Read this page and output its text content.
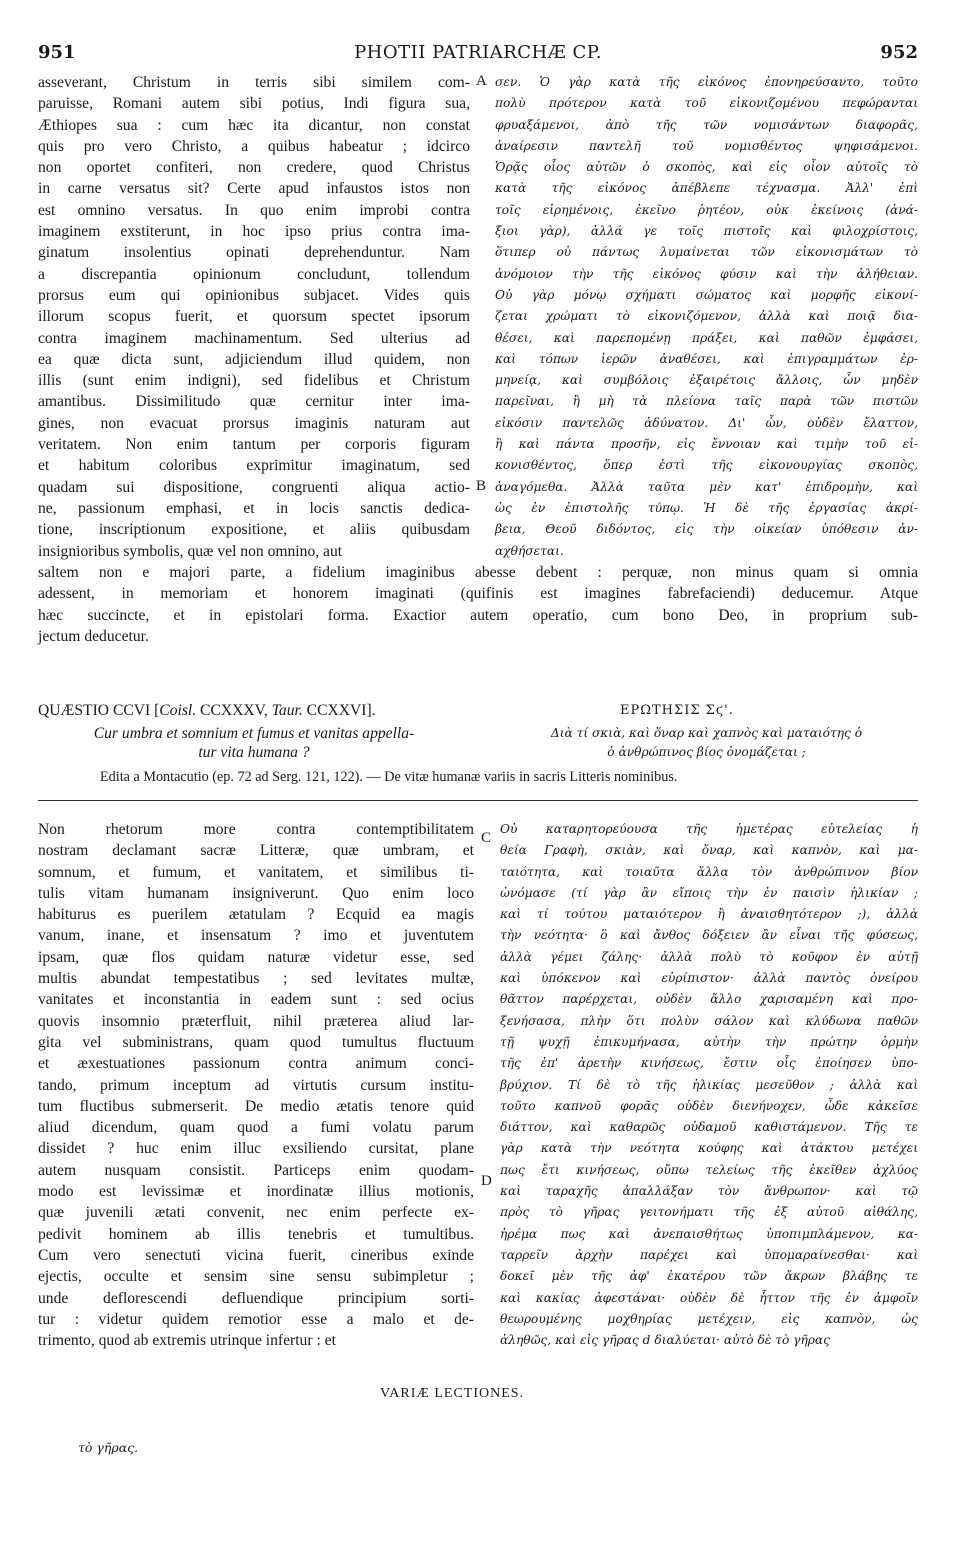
951	PHOTII PATRIARCHÆ CP.	952
asseverant, Christum in terris sibi similem com-
paruisse, Romani autem sibi potius, Indi figura sua,
Æthiopes sua : cum hæc ita dicantur, non constat
quis pro vero Christo, a quibus habeatur ; idcirco
non oportet confiteri, non credere, quod Christus
in carne versatus sit? Certe apud infaustos istos non
est omnino versatus. In quo enim improbi contra
imaginem exstiterunt, in hoc ipso prius contra ima-
ginatum insolentius opinati deprehenduntur. Nam
a discrepantia opinionum concludunt, tollendum
prorsus eum qui opinionibus subjacet. Vides quis
illorum scopus fuerit, et quorsum spectet ipsorum
contra imaginem machinamentum. Sed ulterius ad
ea quæ dicta sunt, adjiciendum illud quidem, non
illis (sunt enim indigni), sed fidelibus et Christum
amantibus. Dissimilitudo quæ cernitur inter ima-
gines, non evacuat prorsus imaginis naturam aut
veritatem. Non enim tantum per corporis figuram
et habitum coloribus exprimitur imaginatum, sed
quadam sui dispositione, congruenti aliqua actio-
ne, passionum emphasi, et in locis sanctis dedica-
tione, inscriptionum expositione, et aliis quibusdam
insignioribus symbolis, quæ vel non omnino, aut
σεν. Ὁ γὰρ κατὰ τῆς εἰκόνος ἐπονηρεύσαντο, τοῦτο
πολὺ πρότερον κατὰ τοῦ εἰκονιζομένου πεφώρανται
φρυαξάμενοι, ἀπὸ τῆς τῶν νομισάντων διαφορᾶς,
ἀναίρεσιν παντελῆ τοῦ νομισθέντος ψηφισάμενοι.
Ὁρᾷς οἷος αὐτῶν ὁ σκοπὸς, καὶ εἰς οἷον αὐτοῖς τὸ
κατὰ τῆς εἰκόνος ἀπέβλεπε τέχνασμα. Ἀλλ' ἐπὶ
τοῖς εἰρημένοις, ἐκεῖνο ῥητέον, οὐκ ἐκείνοις (ἀνά-
ξιοι γὰρ), ἀλλά γε τοῖς πιστοῖς καὶ φιλοχρίστοις,
ὅτιπερ οὐ πάντως λυμαίνεται τῶν εἰκονισμάτων τὸ
ἀνόμοιον τὴν τῆς εἰκόνος φύσιν καὶ τὴν ἀλήθειαν.
Οὐ γὰρ μόνῳ σχήματι σώματος καὶ μορφῆς εἰκονί-
ζεται χρώματι τὸ εἰκονιζόμενον, ἀλλὰ καὶ ποιᾷ δια-
θέσει, καὶ παρεπομένῃ πράξει, καὶ παθῶν ἐμφάσει,
καὶ τόπων ἱερῶν ἀναθέσει, καὶ ἐπιγραμμάτων ἐρ-
μηνείᾳ, καὶ συμβόλοις ἐξαιρέτοις ἄλλοις, ὧν μηδὲν
παρεῖναι, ἢ μὴ τὰ πλείονα ταῖς παρὰ τῶν πιστῶν
εἰκόσιν παντελῶς ἀδύνατον. Δι' ὧν, οὐδὲν ἔλαττον,
ἢ καὶ πάντα προσῆν, εἰς ἔννοιαν καὶ τιμὴν τοῦ εἰ-
κονισθέντος, ὅπερ ἐστὶ τῆς εἰκονουργίας σκοπὸς,
ἀναγόμεθα. Ἀλλὰ ταῦτα μὲν κατ' ἐπιδρομὴν, καὶ
ὡς ἐν ἐπιστολῆς τύπῳ. Ἡ δὲ τῆς ἐργασίας ἀκρί-
βεια, Θεοῦ διδόντος, εἰς τὴν οἰκείαν ὑπόθεσιν ἀν-
αχθήσεται.
A
B
C
D
saltem non e majori parte, a fidelium imaginibus abesse debent : perquæ, non minus quam si omnia
adessent, in memoriam et honorem imaginati (quifinis est imagines fabrefaciendi) deducemur. Atque
hæc succincte, et in epistolari forma. Exactior autem operatio, cum bono Deo, in proprium sub-
jectum deducetur.
QUÆSTIO CCVI [Coisl. CCXXXV, Taur. CCXXVI].
Cur umbra et somnium et fumus et vanitas appella-
tur vita humana ?
ΕΡΩΤΗΣΙΣ Σϛ'.
Διὰ τί σκιὰ, καὶ ὄναρ καὶ χαπνὸς καὶ ματαιότης ὁ
ὁ ἀνθρώπινος βίος ὀνομάζεται ;
Edita a Montacutio (ep. 72 ad Serg. 121, 122). — De vitæ humanæ variis in sacris Litteris nominibus.
Non rhetorum more contra contemptibilitatem
nostram declamant sacræ Litteræ, quæ umbram, et
somnum, et fumum, et vanitatem, et similibus ti-
tulis vitam humanam insigniverunt. Quo enim loco
habiturus es puerilem ætatulam ? Ecquid ea magis
vanum, inane, et insensatum ? imo et juventutem
ipsam, quæ flos quidam naturæ videtur esse, sed
multis abundat tempestatibus ; sed levitates multæ,
vanitates et inconstantia in eadem sunt : sed ocius
quovis insomnio præterfluit, nihil præterea aliud lar-
gita vel subministrans, quam quod tumultus fluctuum
et æxestuationes passionum contra animum conci-
tando, primum inceptum ad virtutis cursum institu-
tum fluctibus submerserit. De medio ætatis tenore quid
aliud dicendum, quam quod a fumi volatu parum
dissidet ? huc enim illuc exsiliendo cursitat, plane
autem nusquam consistit. Particeps enim quodam-
modo est levissimæ et inordinatæ illius motionis,
quæ juvenili ætati convenit, nec enim perfecte ex-
pedivit hominem ab illis tenebris et tumultibus.
Cum vero senectuti vicina fuerit, cineribus exinde
ejectis, occulte et sensim sine sensu subimpletur ;
unde deflorescendi defluendique principium sorti-
tur : videtur quidem remotior esse a malo et de-
trimento, quod ab extremis utrinque infertur : et
Οὐ καταρητορεύουσα τῆς ἡμετέρας εὐτελείας ἡ
θεία Γραφὴ, σκιὰν, καὶ ὄναρ, καὶ καπνὸν, καὶ μα-
ταιότητα, καὶ τοιαῦτα ἄλλα τὸν ἀνθρώπινον βίον
ὠνόμασε (τί γὰρ ἂν εἴποις τὴν ἐν παισὶν ἡλικίαν ;
καὶ τί τούτου ματαιότερον ἢ ἀναισθητότερον ;), ἀλλὰ
τὴν νεότητα· ὃ καὶ ἄνθος δόξειεν ἂν εἶναι τῆς φύσεως,
ἀλλὰ γέμει ζάλης· ἀλλὰ πολὺ τὸ κοῦφον ἐν αὐτῇ
καὶ ὑπόκενον καὶ εὐρίπιστον· ἀλλὰ παντὸς ὀνείρου
θᾶττον παρέρχεται, οὐδὲν ἄλλο χαρισαμένη καὶ προ-
ξενήσασα, πλὴν ὅτι πολὺν σάλον καὶ κλύδωνα παθῶν
τῇ ψυχῇ ἐπικυμήνασα, αὐτὴν τὴν πρώτην ὁρμὴν
τῆς ἐπ' ἀρετὴν κινήσεως, ἔστιν οἷς ἐποίησεν ὑπο-
βρύχιον. Τί δὲ τὸ τῆς ἡλικίας μεσεῦθον ; ἀλλὰ καὶ
τοῦτο καπνοῦ φορᾶς οὐδὲν διενήνοχεν, ὧδε κἀκεῖσε
διάττον, καὶ καθαρῶς οὐδαμοῦ καθιστάμενον. Τῆς τε
γὰρ κατὰ τὴν νεότητα κούφης καὶ ἀτάκτου μετέχει
πως ἔτι κινήσεως, οὔπω τελείως τῆς ἐκεῖθεν ἀχλύος
καὶ ταραχῆς ἀπαλλάξαν τὸν ἄνθρωπον· καὶ τῷ
πρὸς τὸ γῆρας γειτονήματι τῆς ἐξ αὐτοῦ αἰθάλης,
ἠρέμα πως καὶ ἀνεπαισθήτως ὑποπιμπλάμενον, κα-
ταρρεῖν ἀρχὴν παρέχει καὶ ὑπομαραίνεσθαι· καὶ
δοκεῖ μὲν τῆς ἀφ' ἑκατέρου τῶν ἄκρων βλάβης τε
καὶ κακίας ἀφεστάναι· οὐδὲν δὲ ἧττον τῆς ἐν ἀμφοῖν
θεωρουμένης μοχθηρίας μετέχειν, εἰς καπνὸν, ὡς
ἀληθῶς, καὶ εἰς γῆρας d διαλύεται· αὐτὸ δὲ τὸ γῆρας
VARIÆ LECTIONES.
τὸ γῆρας.
